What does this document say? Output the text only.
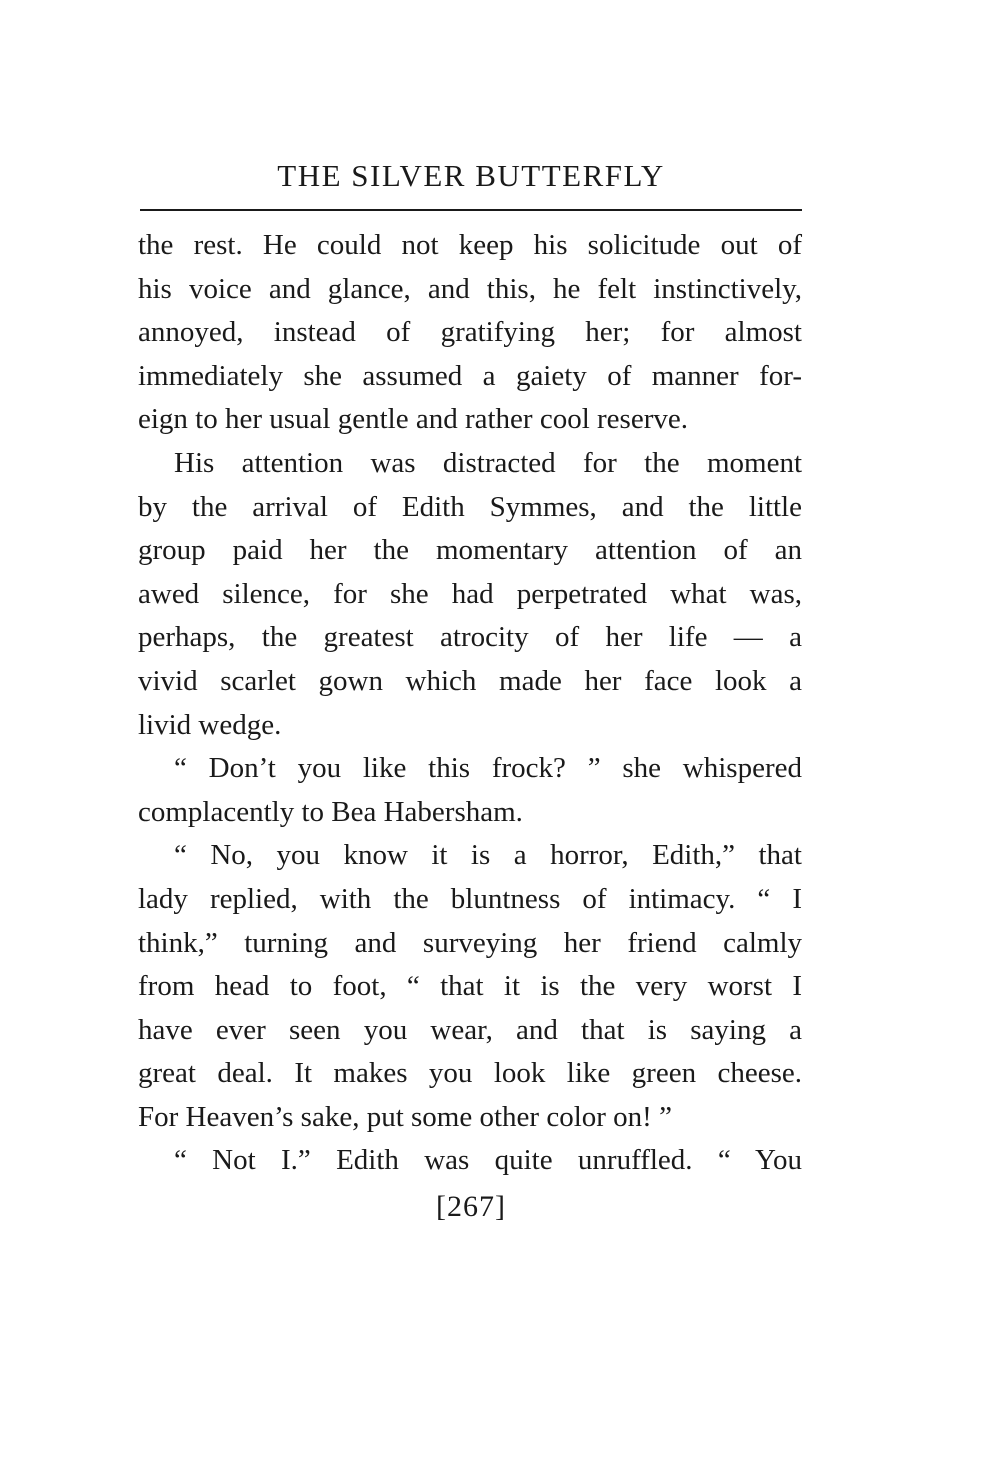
THE SILVER BUTTERFLY
the rest. He could not keep his solicitude out of
his voice and glance, and this, he felt instinctively,
annoyed, instead of gratifying her; for almost
immediately she assumed a gaiety of manner for-
eign to her usual gentle and rather cool reserve.
His attention was distracted for the moment
by the arrival of Edith Symmes, and the little
group paid her the momentary attention of an
awed silence, for she had perpetrated what was,
perhaps, the greatest atrocity of her life — a
vivid scarlet gown which made her face look a
livid wedge.
“ Don’t you like this frock? ” she whispered
complacently to Bea Habersham.
“ No, you know it is a horror, Edith,” that
lady replied, with the bluntness of intimacy. “ I
think,” turning and surveying her friend calmly
from head to foot, “ that it is the very worst I
have ever seen you wear, and that is saying a
great deal. It makes you look like green cheese.
For Heaven’s sake, put some other color on! ”
“ Not I.” Edith was quite unruffled. “ You
[267]
